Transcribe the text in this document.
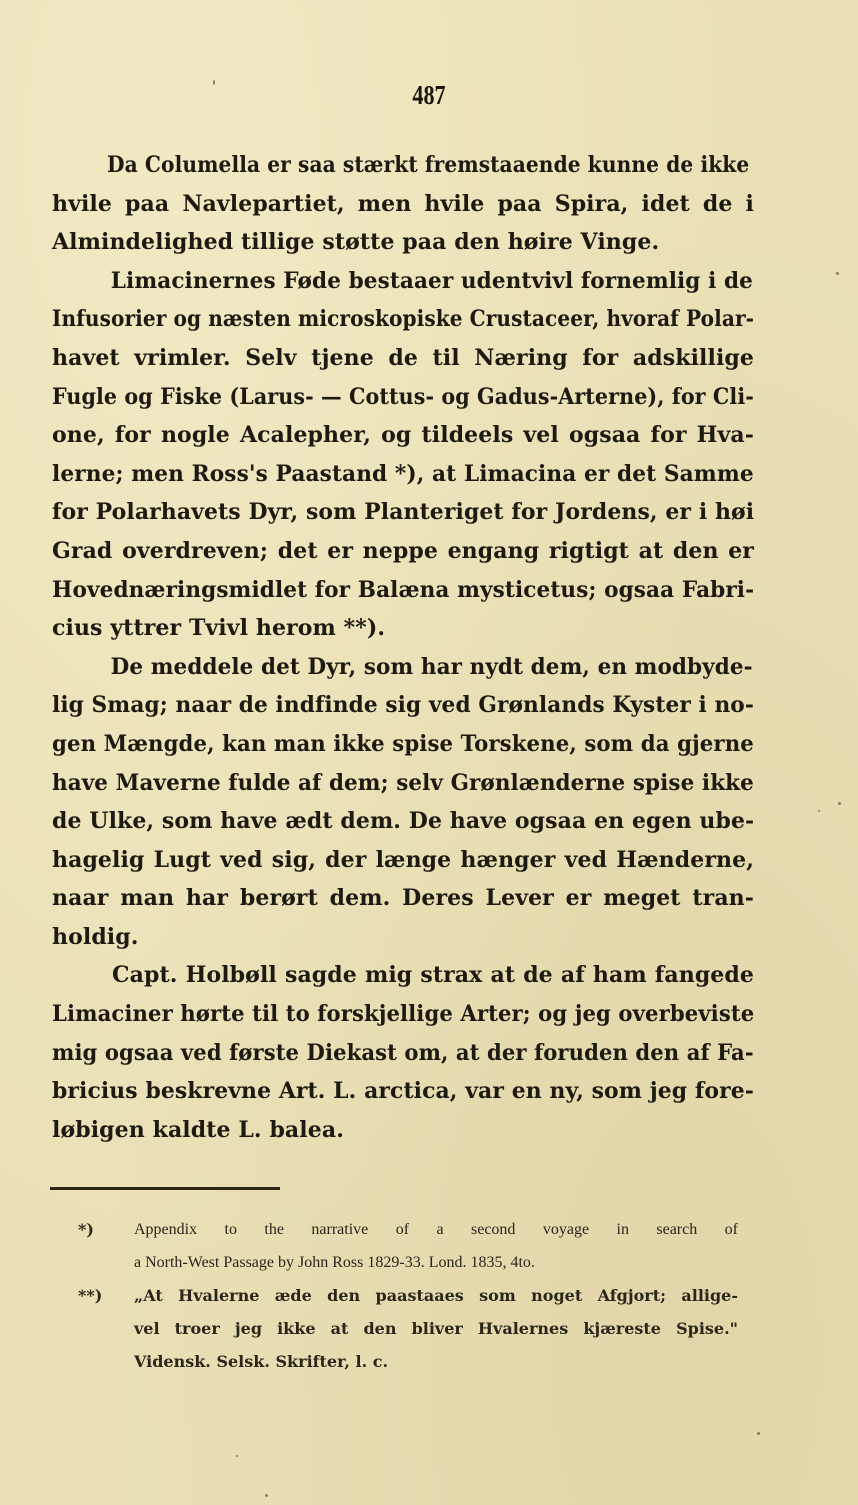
487
Da Columella er saa stærkt fremstaaende kunne de ikke
hvile paa Navlepartiet, men hvile paa Spira, idet de i
Almindelighed tillige støtte paa den høire Vinge.
Limacinernes Føde bestaaer udentvivl fornemlig i de
Infusorier og næsten microskopiske Crustaceer, hvoraf Polar-
havet vrimler. Selv tjene de til Næring for adskillige
Fugle og Fiske (Larus- — Cottus- og Gadus-Arterne), for Cli-
one, for nogle Acalepher, og tildeels vel ogsaa for Hva-
lerne; men Ross's Paastand *), at Limacina er det Samme
for Polarhavets Dyr, som Planteriget for Jordens, er i høi
Grad overdreven; det er neppe engang rigtigt at den er
Hovednæringsmidlet for Balæna mysticetus; ogsaa Fabri-
cius yttrer Tvivl herom **).
De meddele det Dyr, som har nydt dem, en modbyde-
lig Smag; naar de indfinde sig ved Grønlands Kyster i no-
gen Mængde, kan man ikke spise Torskene, som da gjerne
have Maverne fulde af dem; selv Grønlænderne spise ikke
de Ulke, som have ædt dem. De have ogsaa en egen ube-
hagelig Lugt ved sig, der længe hænger ved Hænderne,
naar man har berørt dem. Deres Lever er meget tran-
holdig.
Capt. Holbøll sagde mig strax at de af ham fangede
Limaciner hørte til to forskjellige Arter; og jeg overbeviste
mig ogsaa ved første Diekast om, at der foruden den af Fa-
bricius beskrevne Art. L. arctica, var en ny, som jeg fore-
løbigen kaldte L. balea.
*)	Appendix to the narrative of a second voyage in search of
a North-West Passage by John Ross 1829-33. Lond. 1835, 4to.
**)	„At Hvalerne æde den paastaaes som noget Afgjort; allige-
vel troer jeg ikke at den bliver Hvalernes kjæreste Spise."
Vidensk. Selsk. Skrifter, l. c.
